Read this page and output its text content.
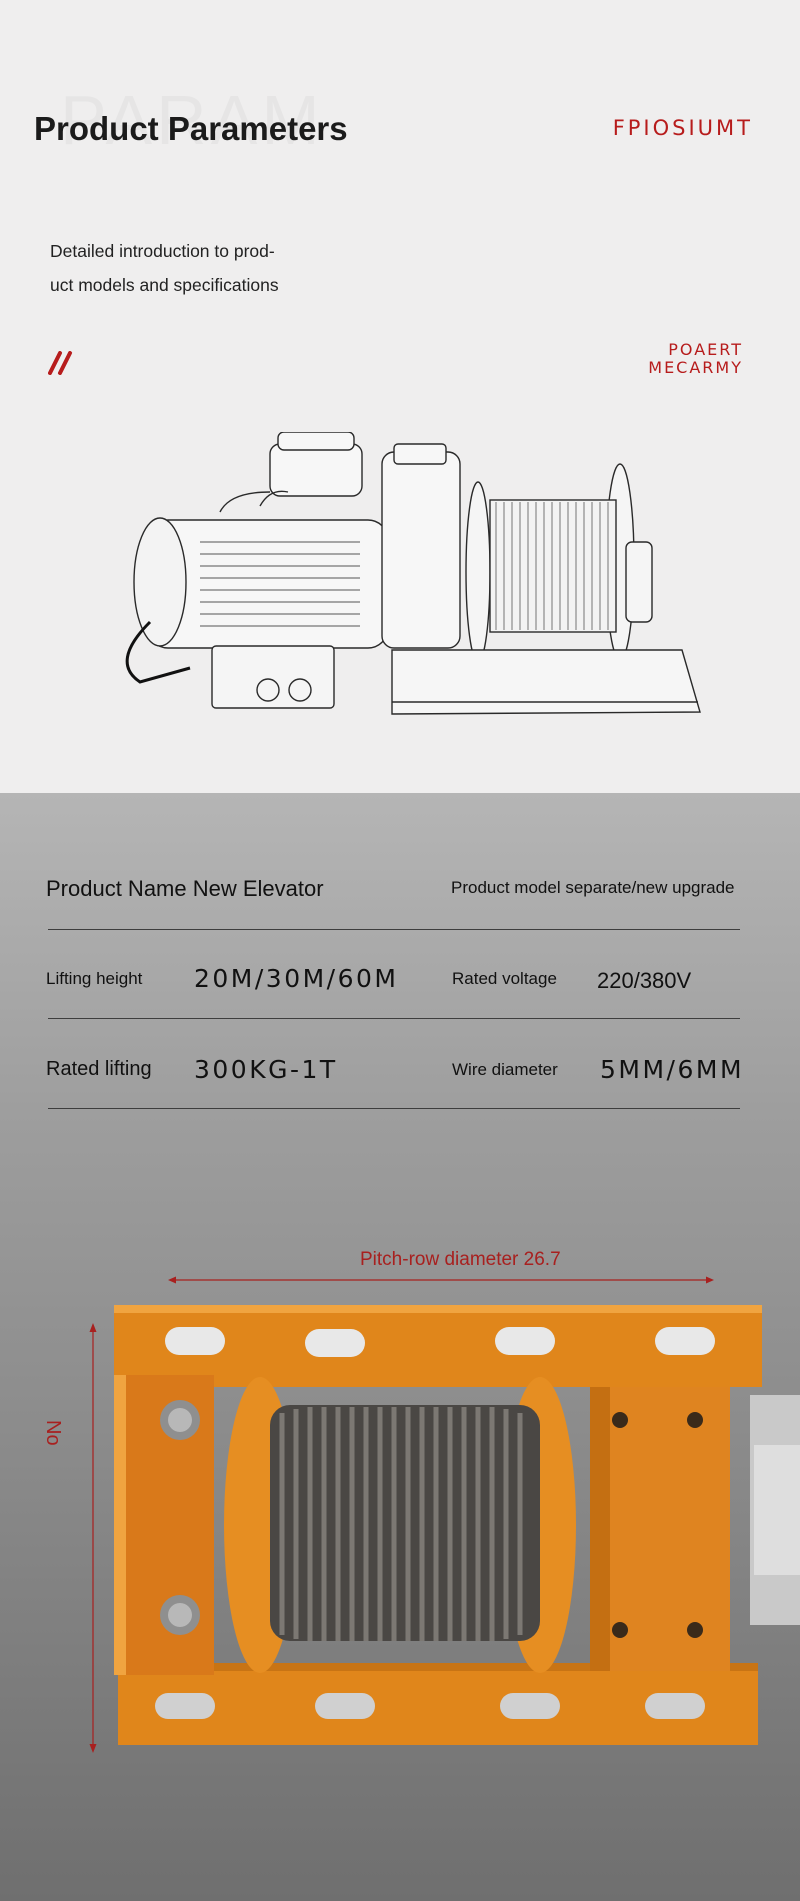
Product Parameters	FPIOSIUMT
Detailed introduction to prod-
uct models and specifications
POAERT
MECARMY
Product Name New Elevator	Product model separate/new upgrade
Lifting height 20M/30M/60M	Rated voltage 220/380V
Rated lifting 300KG-1T	Wire diameter 5MM/6MM
Pitch-row diameter 26.7
No
